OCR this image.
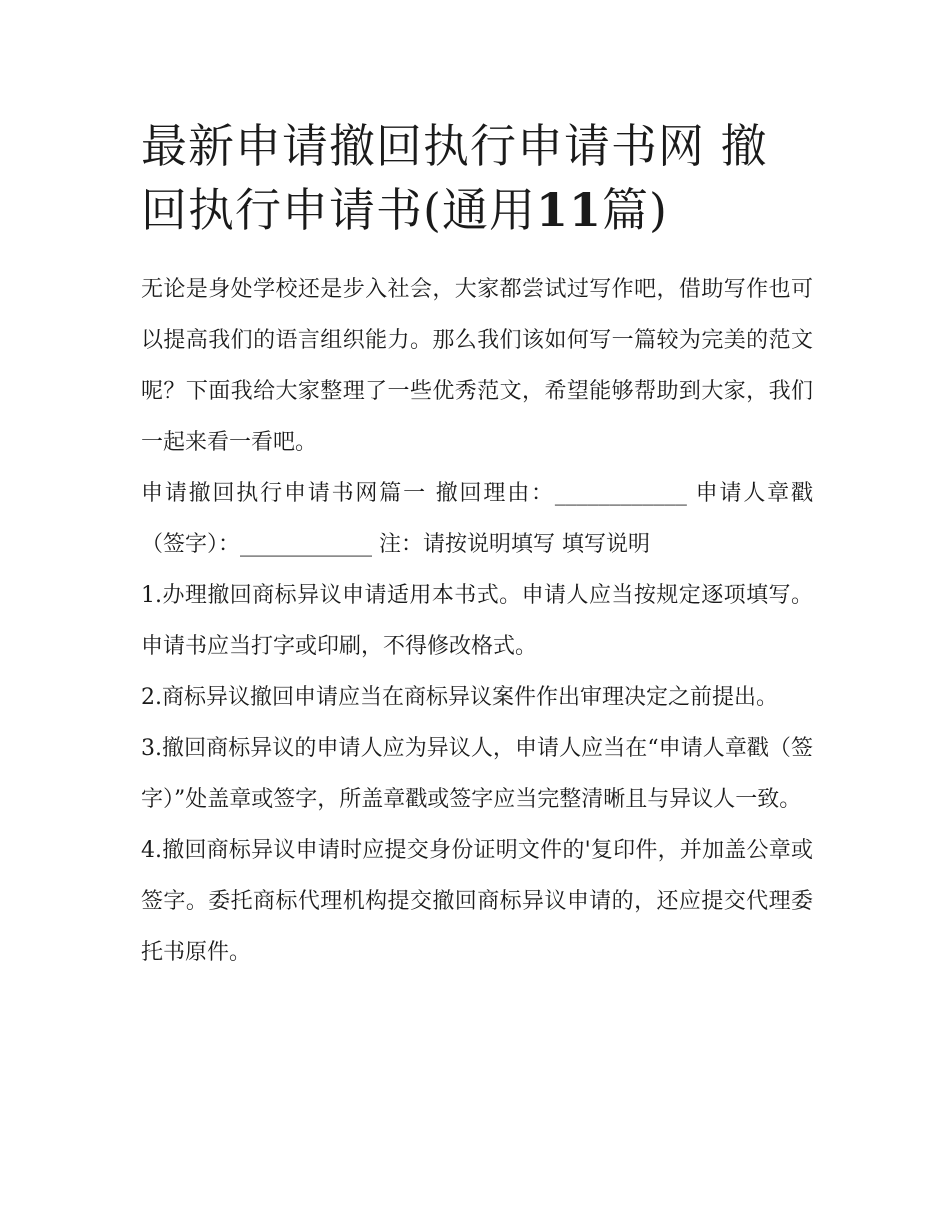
最新申请撤回执行申请书网 撤
回执行申请书(通用11篇)

无论是身处学校还是步入社会，大家都尝试过写作吧，借助写作也可以提高我们的语言组织能力。那么我们该如何写一篇较为完美的范文呢？下面我给大家整理了一些优秀范文，希望能够帮助到大家，我们一起来看一看吧。

申请撤回执行申请书网篇一 撤回理由：____________ 申请人章戳（签字）：____________ 注：请按说明填写 填写说明

1.办理撤回商标异议申请适用本书式。申请人应当按规定逐项填写。申请书应当打字或印刷，不得修改格式。

2.商标异议撤回申请应当在商标异议案件作出审理决定之前提出。

3.撤回商标异议的申请人应为异议人，申请人应当在“申请人章戳（签字）”处盖章或签字，所盖章戳或签字应当完整清晰且与异议人一致。

4.撤回商标异议申请时应提交身份证明文件的'复印件，并加盖公章或签字。委托商标代理机构提交撤回商标异议申请的，还应提交代理委托书原件。
